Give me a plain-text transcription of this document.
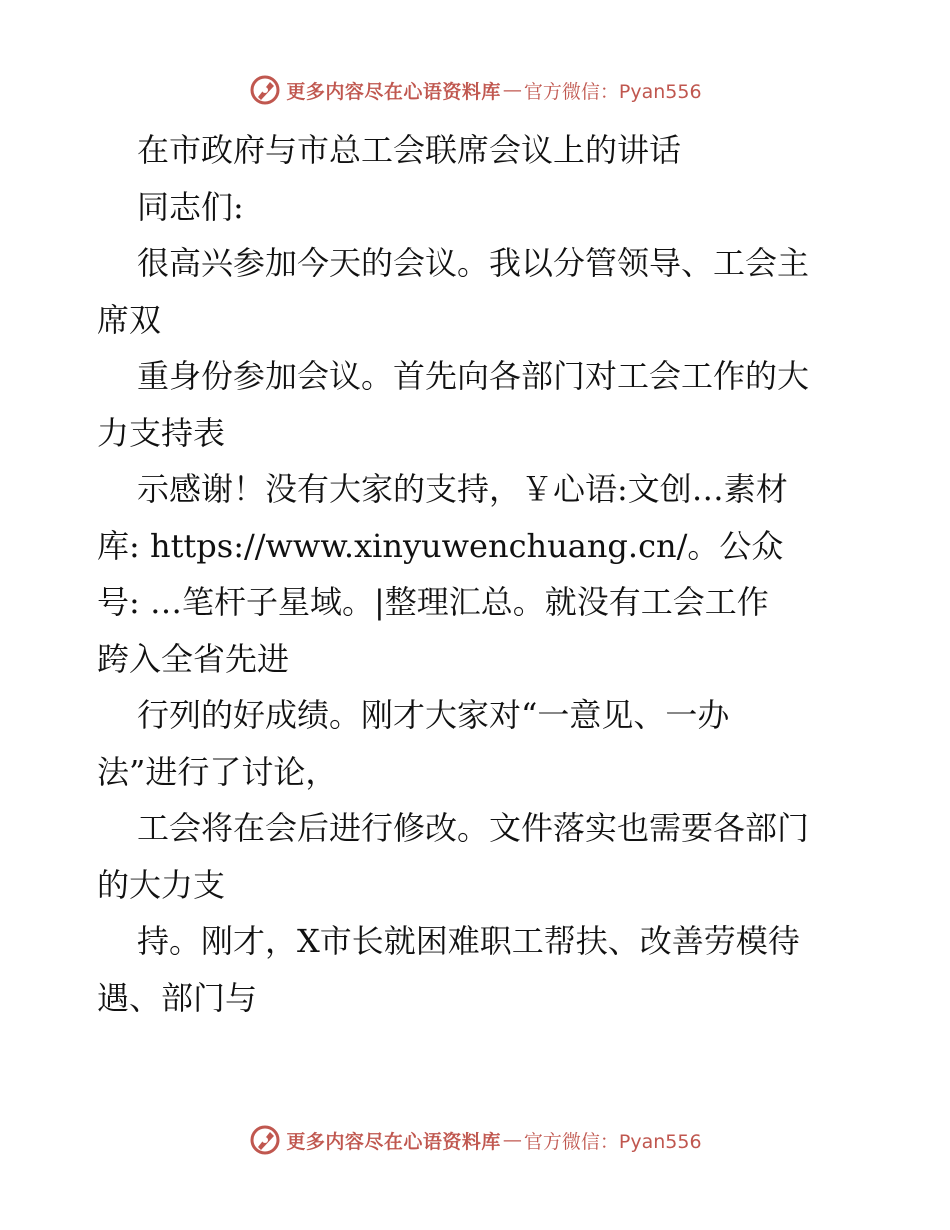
更多内容尽在心语资料库 — 官方微信：Pyan556
在市政府与市总工会联席会议上的讲话
同志们:
很高兴参加今天的会议。我以分管领导、工会主
席双
重身份参加会议。首先向各部门对工会工作的大
力支持表
示感谢！没有大家的支持，￥心语:文创…素材
库: https://www.xinyuwenchuang.cn/。公众
号: …笔杆子星域。|整理汇总。就没有工会工作
跨入全省先进
行列的好成绩。刚才大家对“一意见、一办
法”进行了讨论，
工会将在会后进行修改。文件落实也需要各部门
的大力支
持。刚才，X市长就困难职工帮扶、改善劳模待
遇、部门与
更多内容尽在心语资料库 — 官方微信：Pyan556
